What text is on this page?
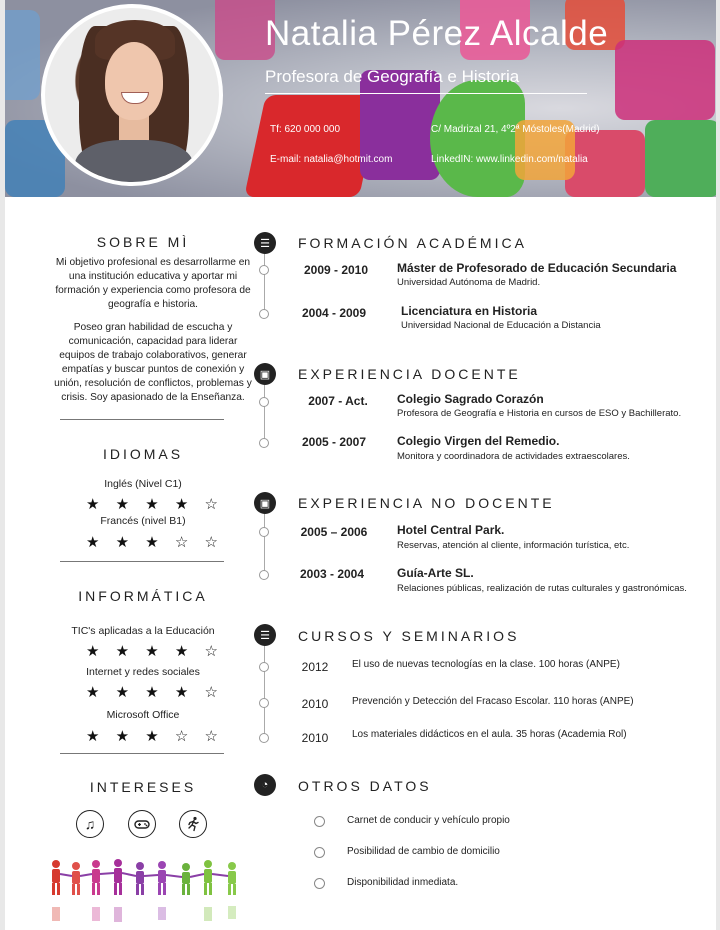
Natalia Pérez Alcalde
Profesora de Geografía e Historia
Tf: 620 000 000	C/ Madrizal 21, 4º2ª Móstoles(Madrid)
E-mail: natalia@hotmit.com	LinkedIN: www.linkedin.com/natalia
SOBRE MÌ
Mi objetivo profesional es desarrollarme en una institución educativa y aportar mi formación y experiencia como profesora de geografía e historia.
Poseo gran habilidad de escucha y comunicación, capacidad para liderar equipos de trabajo colaborativos, generar empatías y buscar puntos de conexión y unión, resolución de conflictos, problemas y crisis. Soy apasionado de la Enseñanza.
IDIOMAS
Inglés (Nivel C1)
★ ★ ★ ★ ☆
Francés (nivel B1)
★ ★ ★ ☆ ☆
INFORMÁTICA
TIC's aplicadas a la Educación
★ ★ ★ ★ ☆
Internet y redes sociales
★ ★ ★ ★ ☆
Microsoft Office
★ ★ ★ ☆ ☆
INTERESES
♫
☰	FORMACIÓN ACADÉMICA
2009 - 2010	Máster de Profesorado de Educación Secundaria
Universidad Autónoma de Madrid.
2004 - 2009	Licenciatura en Historia
Universidad Nacional de Educación a Distancia
▣	EXPERIENCIA DOCENTE
2007 - Act.	Colegio Sagrado Corazón
Profesora de Geografía e Historia en cursos de ESO y Bachillerato.
2005 - 2007	Colegio Virgen del Remedio.
Monitora y coordinadora de actividades extraescolares.
▣	EXPERIENCIA NO DOCENTE
2005 – 2006	Hotel Central Park.
Reservas, atención al cliente, información turística, etc.
2003 - 2004	Guía-Arte SL.
Relaciones públicas, realización de rutas culturales y gastronómicas.
☰	CURSOS Y SEMINARIOS
2012	El uso de nuevas tecnologías en la clase. 100 horas (ANPE)
2010	Prevención y Detección del Fracaso Escolar. 110 horas (ANPE)
2010	Los materiales didácticos en el aula. 35 horas (Academia Rol)
◔	OTROS DATOS
Carnet de conducir y vehículo propio
Posibilidad de cambio de domicilio
Disponibilidad inmediata.
